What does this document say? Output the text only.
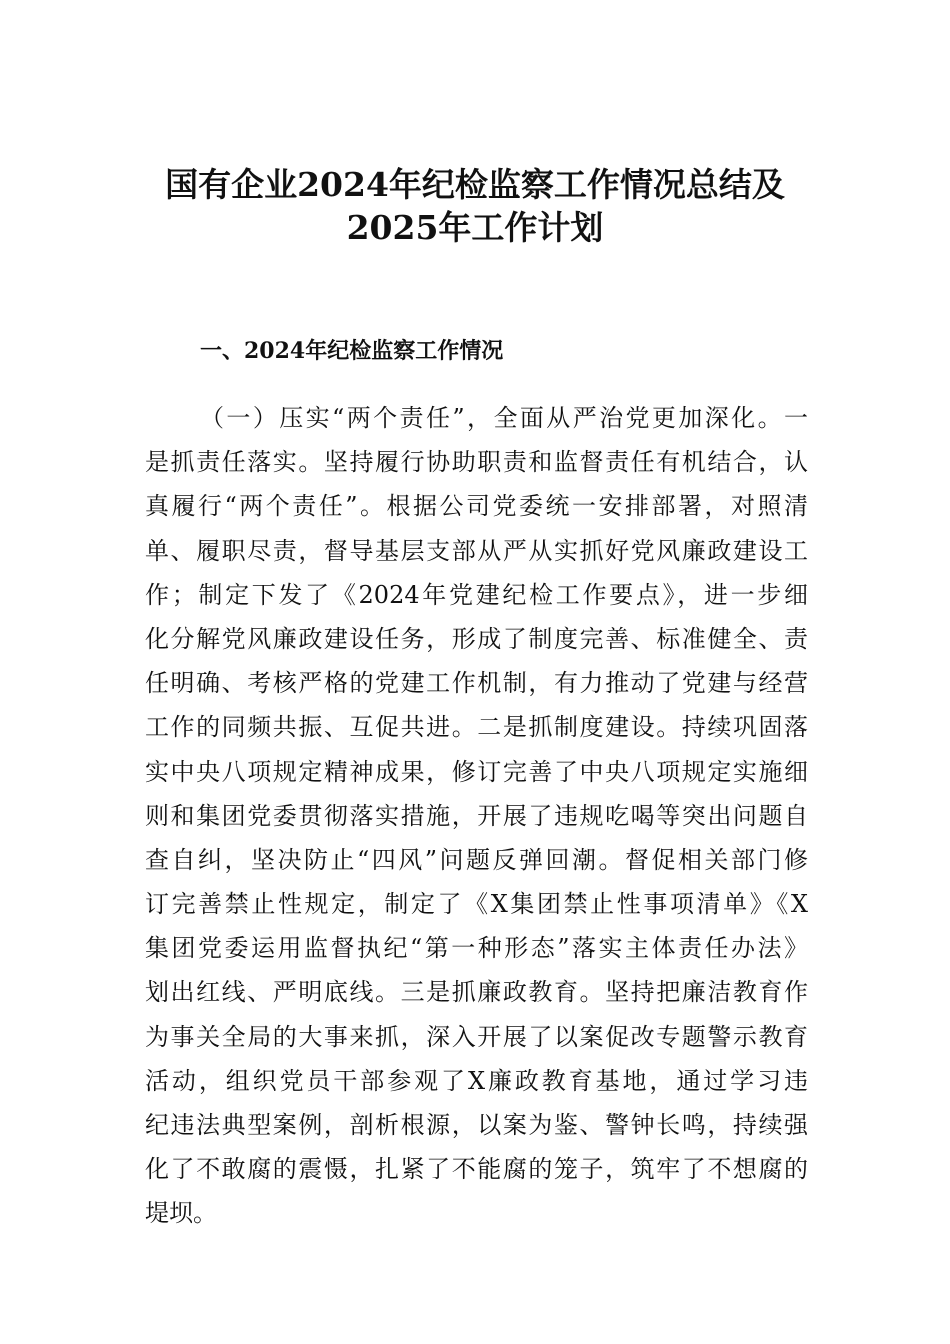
国有企业2024年纪检监察工作情况总结及
2025年工作计划
一、2024年纪检监察工作情况
（一）压实“两个责任”，全面从严治党更加深化。一
是抓责任落实。坚持履行协助职责和监督责任有机结合，认
真履行“两个责任”。根据公司党委统一安排部署，对照清
单、履职尽责，督导基层支部从严从实抓好党风廉政建设工
作；制定下发了《2024年党建纪检工作要点》，进一步细
化分解党风廉政建设任务，形成了制度完善、标准健全、责
任明确、考核严格的党建工作机制，有力推动了党建与经营
工作的同频共振、互促共进。二是抓制度建设。持续巩固落
实中央八项规定精神成果，修订完善了中央八项规定实施细
则和集团党委贯彻落实措施，开展了违规吃喝等突出问题自
查自纠，坚决防止“四风”问题反弹回潮。督促相关部门修
订完善禁止性规定，制定了《X集团禁止性事项清单》《X
集团党委运用监督执纪“第一种形态”落实主体责任办法》
划出红线、严明底线。三是抓廉政教育。坚持把廉洁教育作
为事关全局的大事来抓，深入开展了以案促改专题警示教育
活动，组织党员干部参观了X廉政教育基地，通过学习违
纪违法典型案例，剖析根源，以案为鉴、警钟长鸣，持续强
化了不敢腐的震慑，扎紧了不能腐的笼子，筑牢了不想腐的
堤坝。
